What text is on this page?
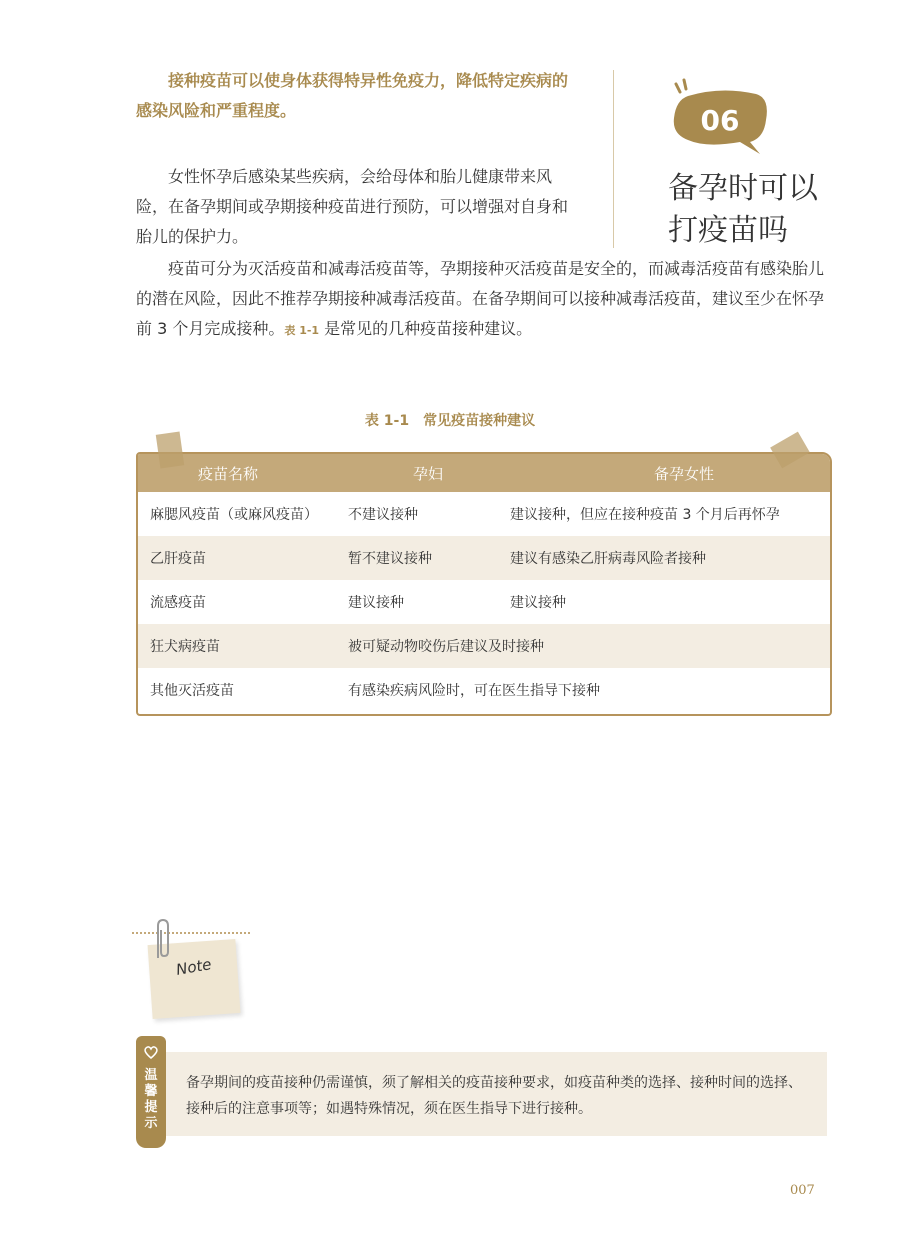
接种疫苗可以使身体获得特异性免疫力，降低特定疾病的感染风险和严重程度。
女性怀孕后感染某些疾病，会给母体和胎儿健康带来风险，在备孕期间或孕期接种疫苗进行预防，可以增强对自身和胎儿的保护力。
疫苗可分为灭活疫苗和减毒活疫苗等，孕期接种灭活疫苗是安全的，而减毒活疫苗有感染胎儿的潜在风险，因此不推荐孕期接种减毒活疫苗。在备孕期间可以接种减毒活疫苗，建议至少在怀孕前 3 个月完成接种。表 1-1 是常见的几种疫苗接种建议。
06
备孕时可以
打疫苗吗
表 1-1　常见疫苗接种建议
疫苗名称	孕妇	备孕女性
麻腮风疫苗（或麻风疫苗）	不建议接种	建议接种，但应在接种疫苗 3 个月后再怀孕
乙肝疫苗	暂不建议接种	建议有感染乙肝病毒风险者接种
流感疫苗	建议接种	建议接种
狂犬病疫苗	被可疑动物咬伤后建议及时接种
其他灭活疫苗	有感染疾病风险时，可在医生指导下接种
Note
温
馨
提
示
备孕期间的疫苗接种仍需谨慎，须了解相关的疫苗接种要求，如疫苗种类的选择、接种时间的选择、接种后的注意事项等；如遇特殊情况，须在医生指导下进行接种。
007
